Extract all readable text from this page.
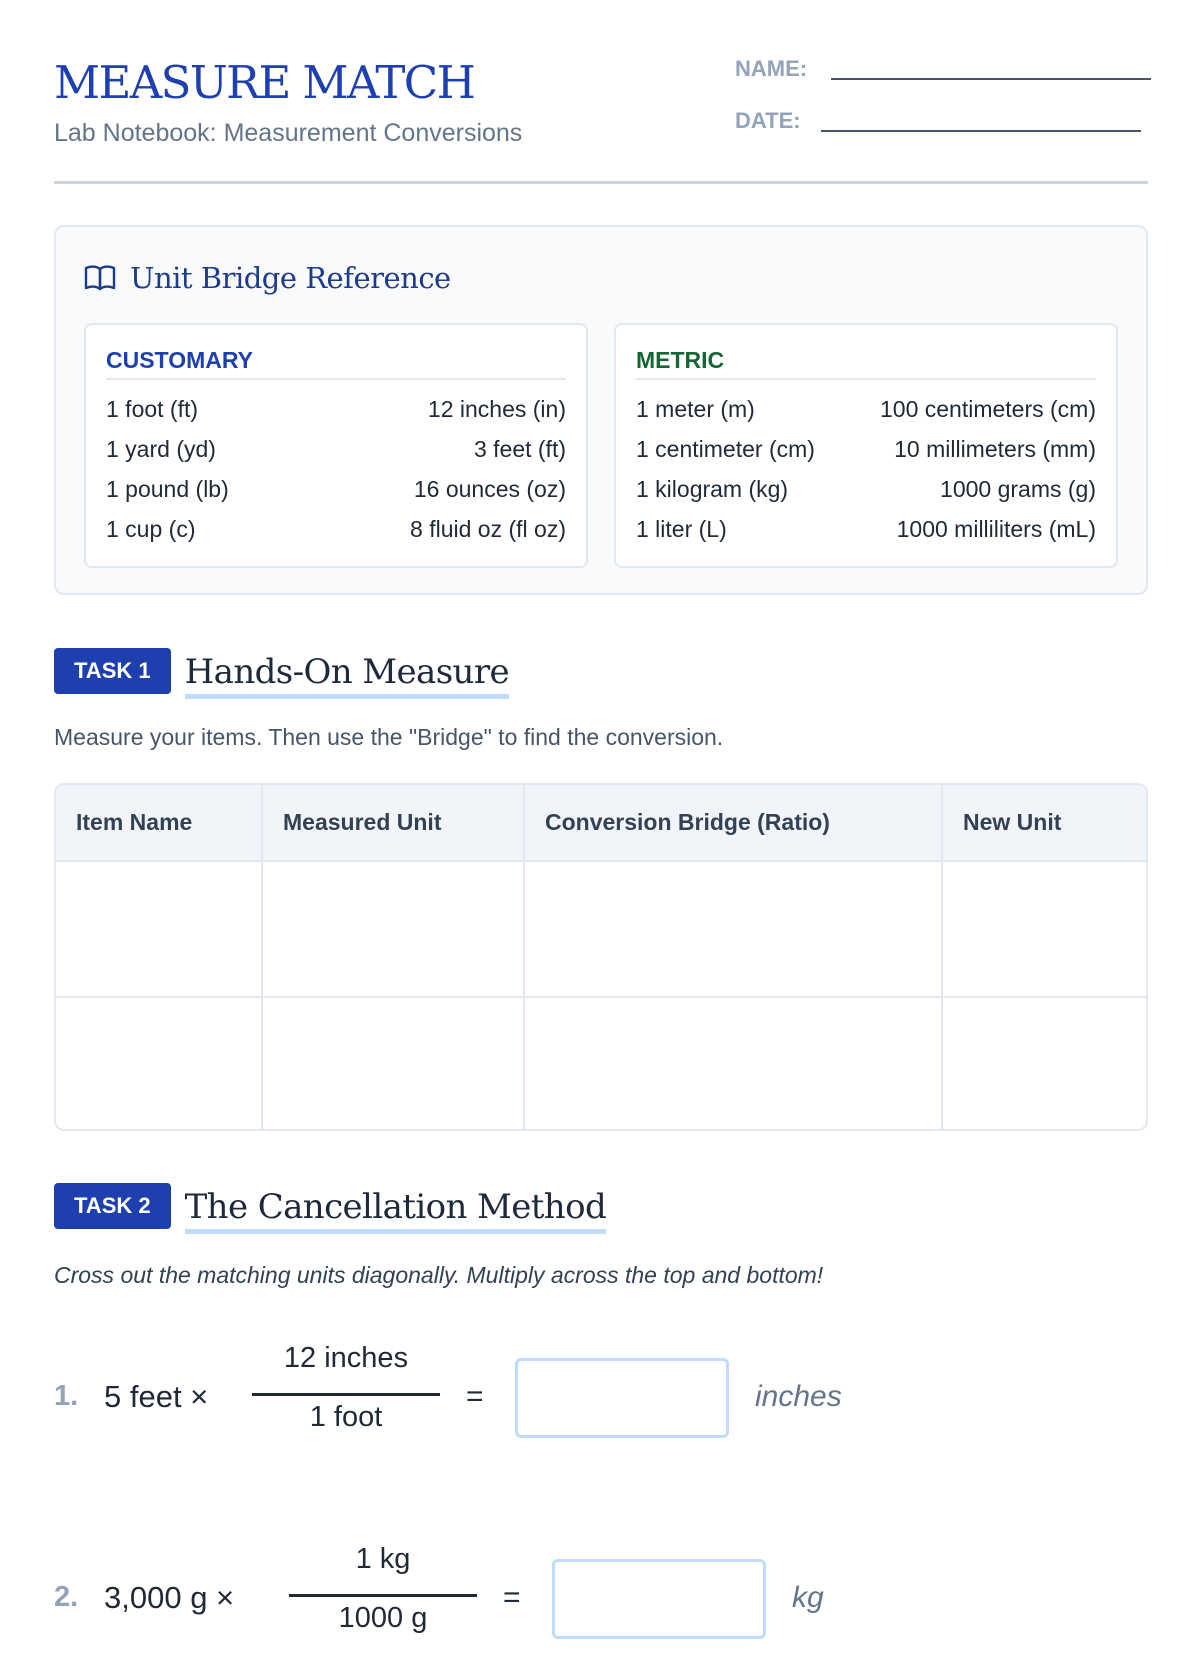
MEASURE MATCH
Lab Notebook: Measurement Conversions
NAME:
DATE:
Unit Bridge Reference
CUSTOMARY
1 foot (ft)	12 inches (in)
1 yard (yd)	3 feet (ft)
1 pound (lb)	16 ounces (oz)
1 cup (c)	8 fluid oz (fl oz)
METRIC
1 meter (m)	100 centimeters (cm)
1 centimeter (cm)	10 millimeters (mm)
1 kilogram (kg)	1000 grams (g)
1 liter (L)	1000 milliliters (mL)
TASK 1	Hands-On Measure
Measure your items. Then use the "Bridge" to find the conversion.
Item Name	Measured Unit	Conversion Bridge (Ratio)	New Unit

TASK 2	The Cancellation Method
Cross out the matching units diagonally. Multiply across the top and bottom!
1. 5 feet ×
12 inches
1 foot
=	inches
2. 3,000 g ×
1 kg
1000 g
=	kg
